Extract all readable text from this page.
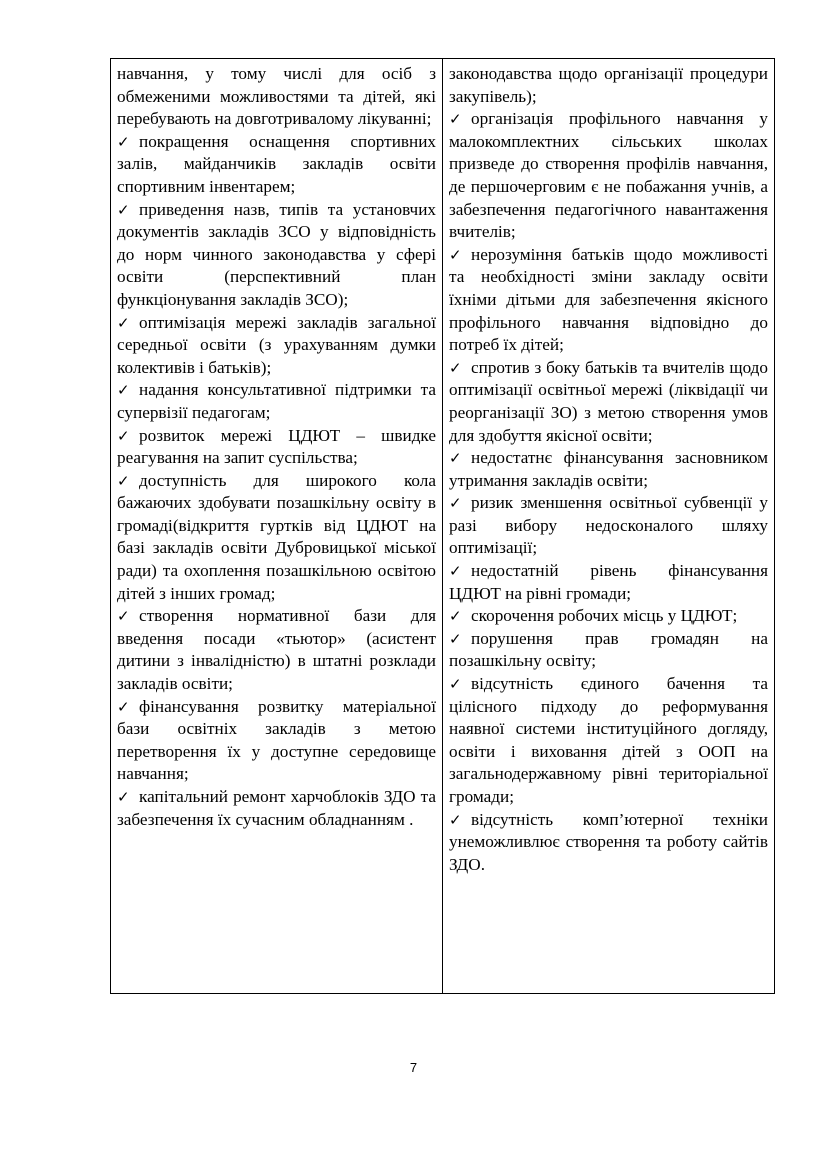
навчання, у тому числі для осіб з обмеженими можливостями та дітей, які перебувають на довготривалому лікуванні;

✓ покращення оснащення спортивних залів, майданчиків закладів освіти спортивним інвентарем;

✓ приведення назв, типів та установчих документів закладів ЗСО у відповідність до норм чинного законодавства у сфері освіти (перспективний план функціонування закладів ЗСО);

✓ оптимізація мережі закладів загальної середньої освіти (з урахуванням думки колективів і батьків);

✓ надання консультативної підтримки та супервізії педагогам;

✓ розвиток мережі ЦДЮТ – швидке реагування на запит суспільства;

✓ доступність для широкого кола бажаючих здобувати позашкільну освіту в громаді(відкриття гуртків від ЦДЮТ на базі закладів освіти Дубровицької міської ради) та охоплення позашкільною освітою дітей з інших громад;

✓ створення нормативної бази для введення посади «тьютор» (асистент дитини з інвалідністю) в штатні розклади закладів освіти;

✓ фінансування розвитку матеріальної бази освітніх закладів з метою перетворення їх у доступне середовище навчання;

✓ капітальний ремонт харчоблоків ЗДО та забезпечення їх сучасним обладнанням .

законодавства щодо організації процедури закупівель);

✓ організація профільного навчання у малокомплектних сільських школах призведе до створення профілів навчання, де першочерговим є не побажання учнів, а забезпечення педагогічного навантаження вчителів;

✓ нерозуміння батьків щодо можливості та необхідності зміни закладу освіти їхніми дітьми для забезпечення якісного профільного навчання відповідно до потреб їх дітей;

✓ спротив з боку батьків та вчителів щодо оптимізації освітньої мережі (ліквідації чи реорганізації ЗО) з метою створення умов для здобуття якісної освіти;

✓ недостатнє фінансування засновником утримання закладів освіти;

✓ ризик зменшення освітньої субвенції у разі вибору недосконалого шляху оптимізації;

✓ недостатній рівень фінансування ЦДЮТ на рівні громади;

✓ скорочення робочих місць у ЦДЮТ;

✓ порушення прав громадян на позашкільну освіту;

✓ відсутність єдиного бачення та цілісного підходу до реформування наявної системи інституційного догляду, освіти і виховання дітей з ООП на загальнодержавному рівні територіальної громади;

✓ відсутність комп’ютерної техніки унеможливлює створення та роботу сайтів ЗДО.

7
